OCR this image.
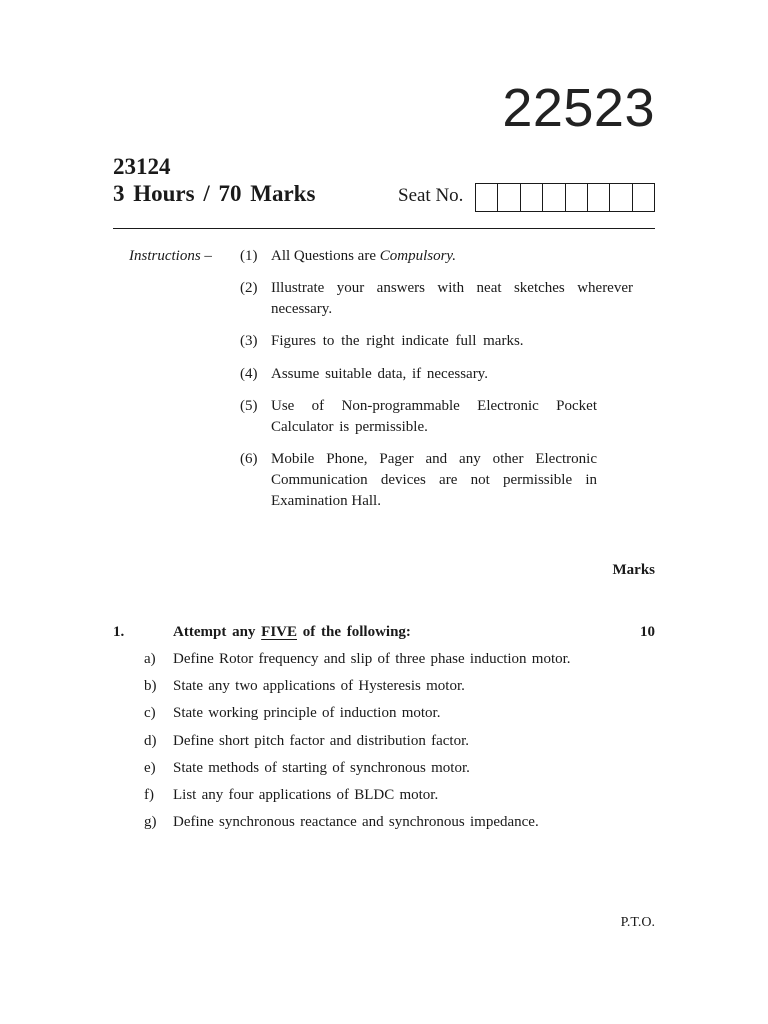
22523
23124
3 Hours / 70 Marks	Seat No.
Instructions – (1) All Questions are Compulsory.
(2) Illustrate your answers with neat sketches wherever
necessary.
(3) Figures to the right indicate full marks.
(4) Assume suitable data, if necessary.
(5) Use of Non-programmable Electronic Pocket
Calculator is permissible.
(6) Mobile Phone, Pager and any other Electronic
Communication devices are not permissible in
Examination Hall.
Marks
1.	Attempt any FIVE of the following:	10
a) Define Rotor frequency and slip of three phase induction motor.
b) State any two applications of Hysteresis motor.
c) State working principle of induction motor.
d) Define short pitch factor and distribution factor.
e) State methods of starting of synchronous motor.
f) List any four applications of BLDC motor.
g) Define synchronous reactance and synchronous impedance.
P.T.O.
